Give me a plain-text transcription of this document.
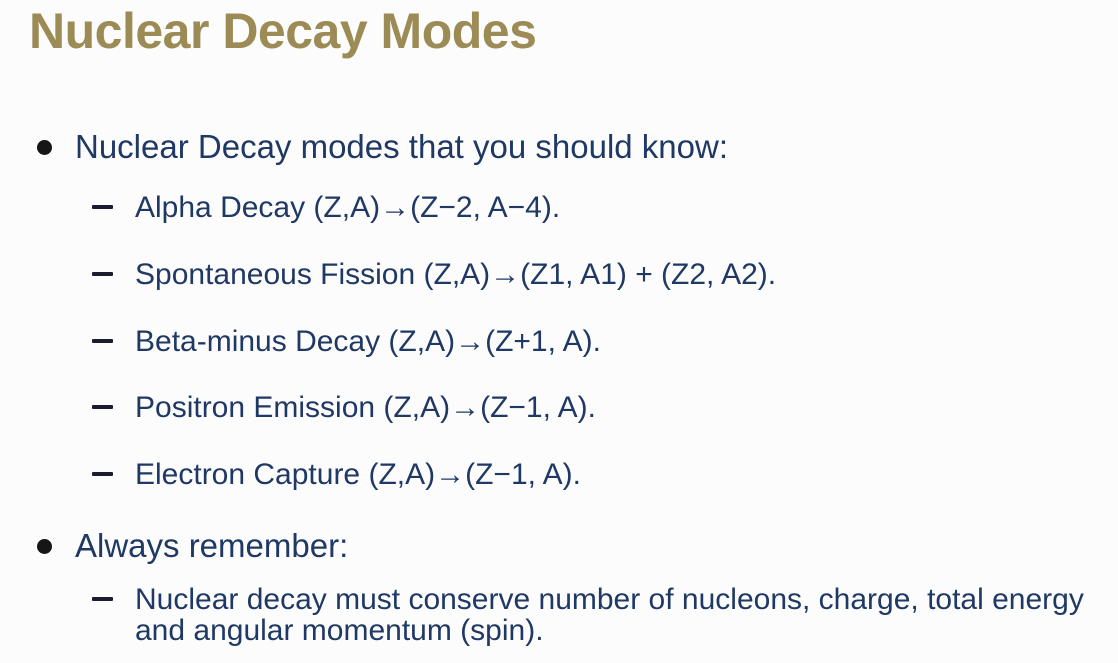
Nuclear Decay Modes
Nuclear Decay modes that you should know:
Alpha Decay (Z,A)→(Z−2, A−4).
Spontaneous Fission (Z,A)→(Z1, A1) + (Z2, A2).
Beta-minus Decay (Z,A)→(Z+1, A).
Positron Emission (Z,A)→(Z−1, A).
Electron Capture (Z,A)→(Z−1, A).
Always remember:
Nuclear decay must conserve number of nucleons, charge, total energy and angular momentum (spin).
